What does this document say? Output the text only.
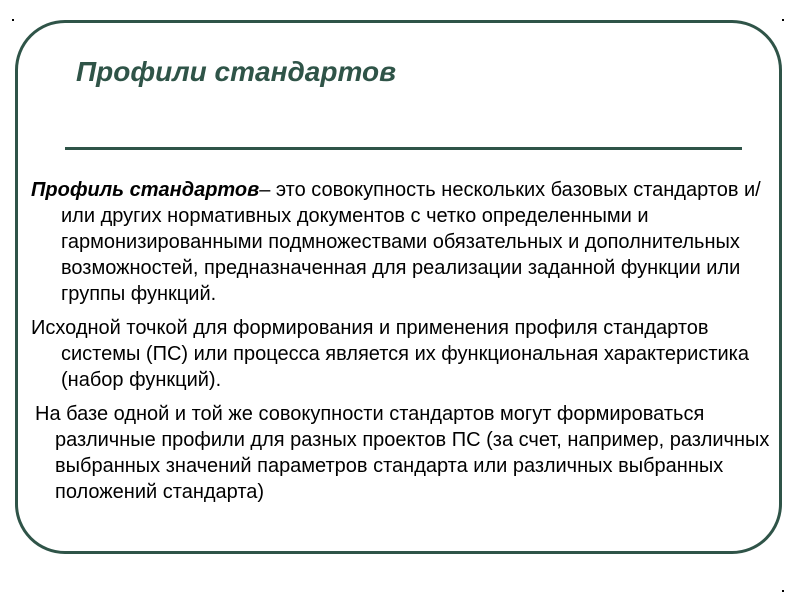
Профили стандартов

Профиль стандартов– это совокупность нескольких базовых стандартов и/или других нормативных документов с четко определенными и гармонизированными подмножествами обязательных и дополнительных возможностей, предназначенная для реализации заданной функции или группы функций.

Исходной точкой для формирования и применения профиля стандартов системы (ПС) или процесса является их функциональная характеристика (набор функций).

На базе одной и той же совокупности стандартов могут формироваться различные профили для разных проектов ПС (за счет, например, различных выбранных значений параметров стандарта или различных выбранных положений стандарта)
